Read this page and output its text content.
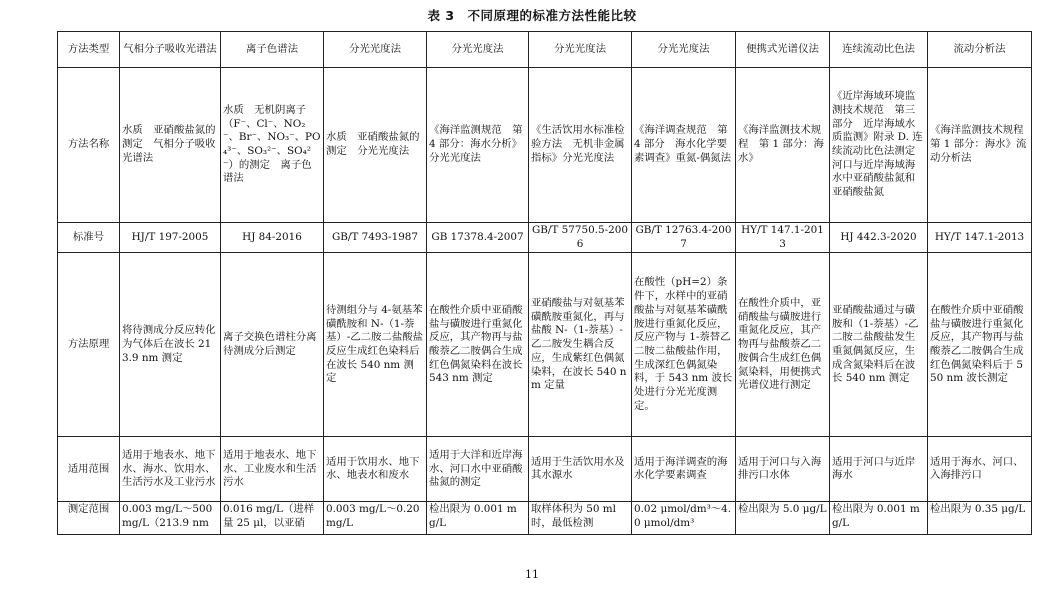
表 3　不同原理的标准方法性能比较
方法类型	气相分子吸收光谱法	离子色谱法	分光光度法	分光光度法	分光光度法	分光光度法	便携式光谱仪法	连续流动比色法	流动分析法
方法名称	水质　亚硝酸盐氮的测定　气相分子吸收光谱法	水质　无机阴离子（F⁻、Cl⁻、NO₂⁻、Br⁻、NO₃⁻、PO₄³⁻、SO₃²⁻、SO₄²⁻）的测定　离子色谱法	水质　亚硝酸盐氮的测定　分光光度法	《海洋监测规范　第 4 部分：海水分析》分光光度法	《生活饮用水标准检验方法　无机非金属指标》分光光度法	《海洋调查规范　第 4 部分　海水化学要素调查》重氮-偶氮法	《海洋监测技术规程　第 1 部分：海水》	《近岸海域环境监测技术规范　第三部分　近岸海域水质监测》附录 D. 连续流动比色法测定河口与近岸海域海水中亚硝酸盐氮和亚硝酸盐氮	《海洋监测技术规程　第 1 部分：海水》流动分析法
标准号	HJ/T 197-2005	HJ 84-2016	GB/T 7493-1987	GB 17378.4-2007	GB/T 57750.5-2006	GB/T 12763.4-2007	HY/T 147.1-2013	HJ 442.3-2020	HY/T 147.1-2013
方法原理	将待测成分反应转化为气体后在波长 213.9 nm 测定	离子交换色谱柱分离待测成分后测定	待测组分与 4-氨基苯磺酰胺和 N-（1-萘基）-乙二胺二盐酸盐反应生成红色染料后在波长 540 nm 测定	在酸性介质中亚硝酸盐与磺胺进行重氮化反应，其产物再与盐酸萘乙二胺偶合生成红色偶氮染料在波长 543 nm 测定	亚硝酸盐与对氨基苯磺酰胺重氮化，再与盐酸 N-（1-萘基）-乙二胺发生耦合反应，生成紫红色偶氮染料，在波长 540 nm 定量	在酸性（pH=2）条件下，水样中的亚硝酸盐与对氨基苯磺酰胺进行重氮化反应，反应产物与 1-萘替乙二胺二盐酸盐作用，生成深红色偶氮染料，于 543 nm 波长处进行分光光度测定。	在酸性介质中，亚硝酸盐与磺胺进行重氮化反应，其产物再与盐酸萘乙二胺偶合生成红色偶氮染料，用便携式光谱仪进行测定	亚硝酸盐通过与磺胺和（1-萘基）-乙二胺二盐酸盐发生重氮偶氮反应，生成含氮染料后在波长 540 nm 测定	在酸性介质中亚硝酸盐与磺胺进行重氮化反应，其产物再与盐酸萘乙二胺偶合生成红色偶氮染料后于 550 nm 波长测定
适用范围	适用于地表水、地下水、海水、饮用水、生活污水及工业污水	适用于地表水、地下水、工业废水和生活污水	适用于饮用水、地下水、地表水和废水	适用于大洋和近岸海水、河口水中亚硝酸盐氮的测定	适用于生活饮用水及其水源水	适用于海洋调查的海水化学要素调查	适用于河口与入海排污口水体	适用于河口与近岸海水	适用于海水、河口、入海排污口
测定范围	0.003 mg/L～500 mg/L（213.9 nm	0.016 mg/L（进样量 25 μl，以亚硝	0.003 mg/L～0.20 mg/L	检出限为 0.001 mg/L	取样体积为 50 ml 时，最低检测	0.02 μmol/dm³～4.0 μmol/dm³	检出限为 5.0 μg/L	检出限为 0.001 mg/L	检出限为 0.35 μg/L
11
